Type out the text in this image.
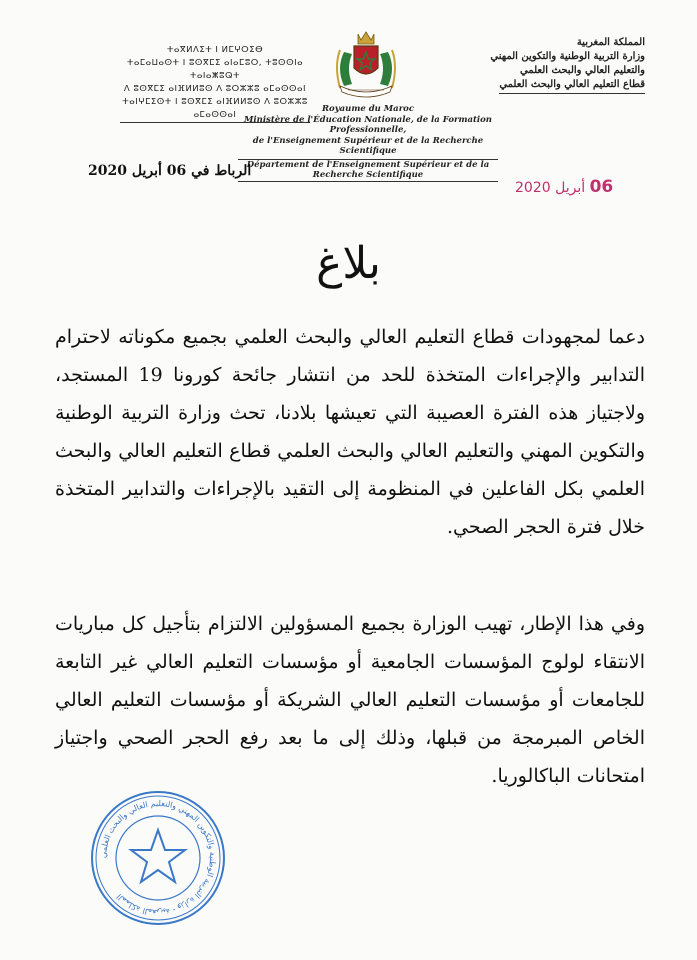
المملكة المغربية
وزارة التربية الوطنية والتكوين المهني
والتعليم العالي والبحث العلمي
قطاع التعليم العالي والبحث العلمي
ⵜⴰⴳⵍⴷⵉⵜ ⵏ ⵍⵎⵖⵔⵉⴱ
ⵜⴰⵎⴰⵡⴰⵙⵜ ⵏ ⵓⵙⴳⵎⵉ ⴰⵏⴰⵎⵓⵔ, ⵜⵓⵙⵙⵏⴰ ⵜⴰⵏⴰⵥⵓⵕⵜ
ⴷ ⵓⵙⴳⵎⵉ ⴰⵏⴼⵍⵍⵓⵙ ⴷ ⵓⵔⵣⵣⵓ ⴰⵎⴰⵙⵙⴰⵏ
ⵜⴰⵏⵖⵎⵉⵙⵜ ⵏ ⵓⵙⴳⵎⵉ ⴰⵏⴼⵍⵍⵓⵙ ⴷ ⵓⵔⵣⵣⵓ ⴰⵎⴰⵙⵙⴰⵏ
Royaume du Maroc
Ministère de l'Éducation Nationale, de la Formation Professionnelle,
de l'Enseignement Supérieur et de la Recherche Scientifique
Département de l'Enseignement Supérieur et de la Recherche Scientifique
الرباط في 06 أبريل 2020
06 أبريل 2020
بلاغ
دعما لمجهودات قطاع التعليم العالي والبحث العلمي بجميع مكوناته لاحترام التدابير والإجراءات المتخذة للحد من انتشار جائحة كورونا 19 المستجد، ولاجتياز هذه الفترة العصيبة التي تعيشها بلادنا، تحث وزارة التربية الوطنية والتكوين المهني والتعليم العالي والبحث العلمي قطاع التعليم العالي والبحث العلمي بكل الفاعلين في المنظومة إلى التقيد بالإجراءات والتدابير المتخذة خلال فترة الحجر الصحي.
وفي هذا الإطار، تهيب الوزارة بجميع المسؤولين الالتزام بتأجيل كل مباريات الانتقاء لولوج المؤسسات الجامعية أو مؤسسات التعليم العالي غير التابعة للجامعات أو مؤسسات التعليم العالي الشريكة أو مؤسسات التعليم العالي الخاص المبرمجة من قبلها، وذلك إلى ما بعد رفع الحجر الصحي واجتياز امتحانات الباكالوريا.
المملكة المغربية - وزارة التربية الوطنية والتكوين المهني والتعليم العالي والبحث العلمي
